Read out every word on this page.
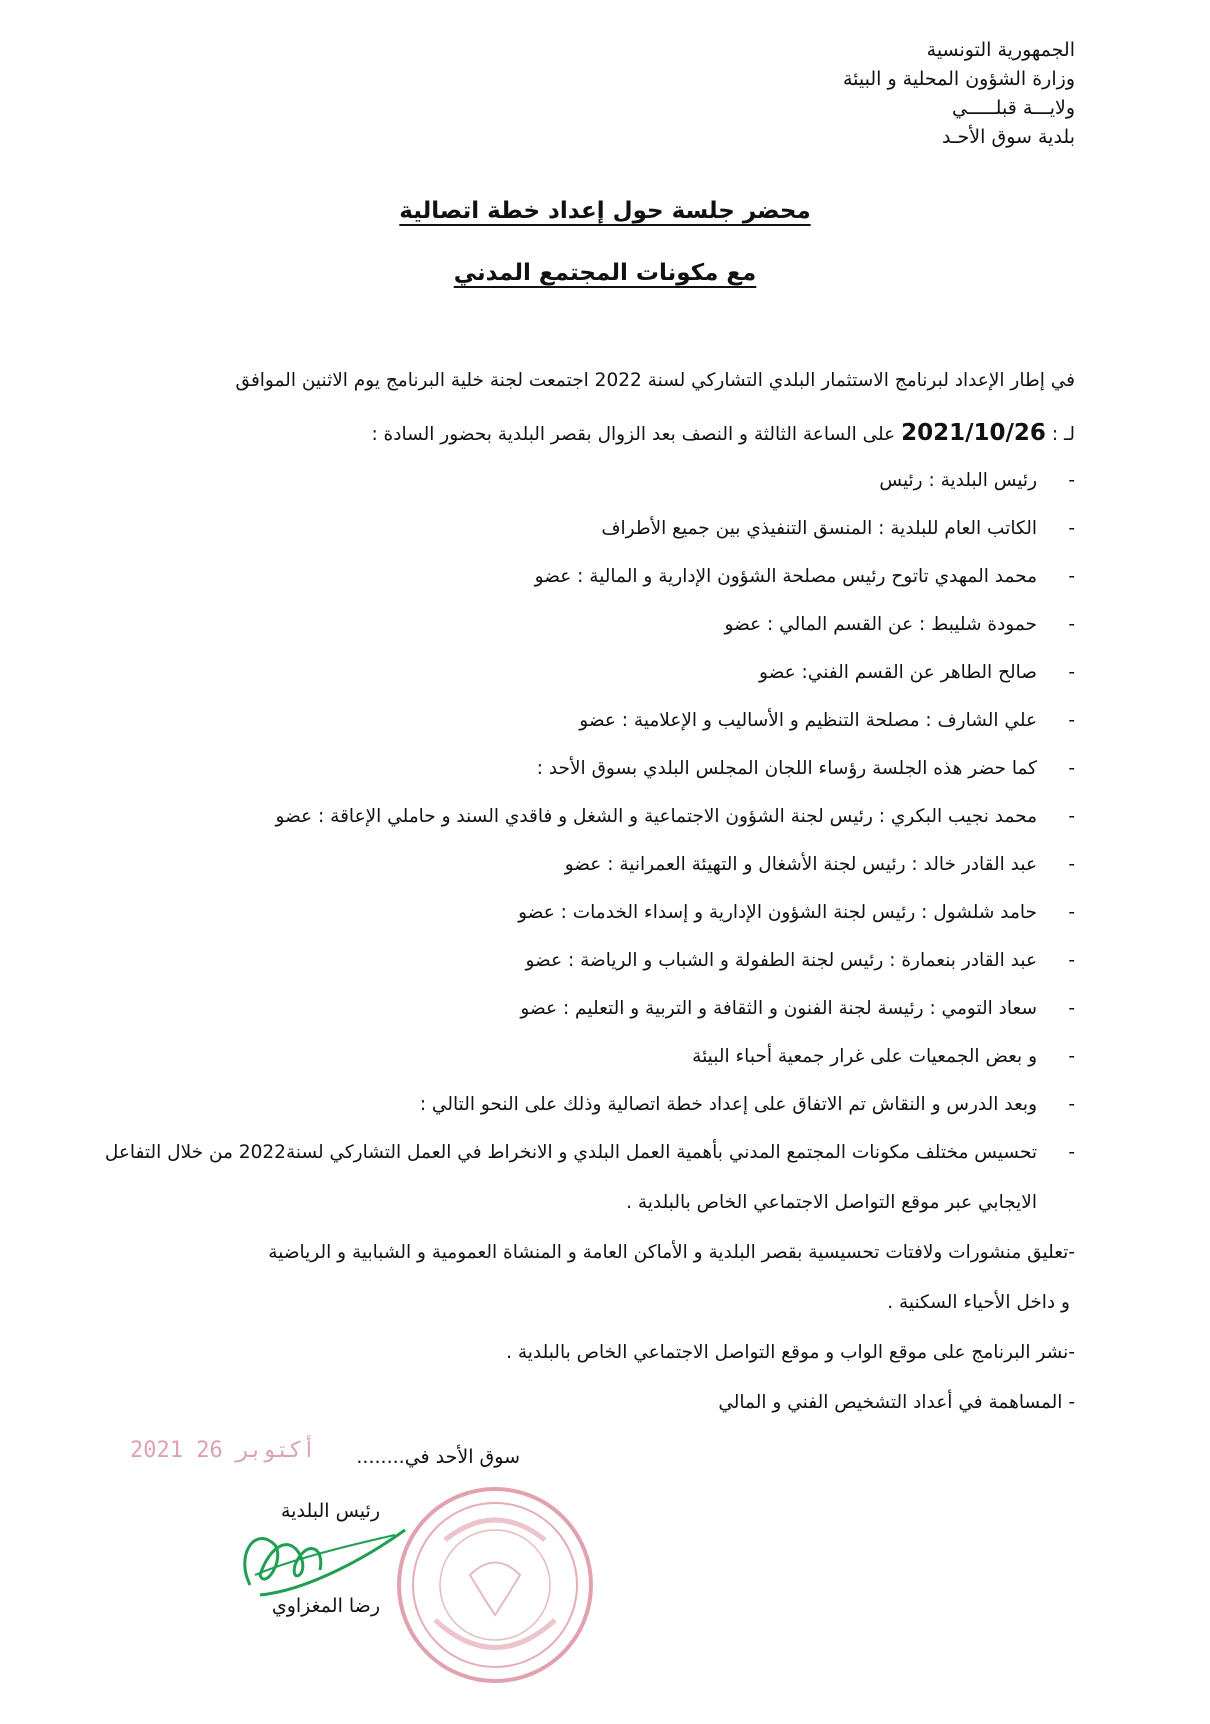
الجمهورية التونسية
وزارة الشؤون المحلية و البيئة
ولايـــة قبلـــــي
بلدية سوق الأحـد
محضر جلسة حول إعداد خطة اتصالية
مع مكونات المجتمع المدني
في إطار الإعداد لبرنامج الاستثمار البلدي التشاركي لسنة 2022 اجتمعت لجنة خلية البرنامج يوم الاثنين الموافق
لـ : 2021/10/26 على الساعة الثالثة و النصف بعد الزوال بقصر البلدية بحضور السادة :
-رئيس البلدية : رئيس
-الكاتب العام للبلدية : المنسق التنفيذي بين جميع الأطراف
-محمد المهدي تاتوح رئيس مصلحة الشؤون الإدارية و المالية : عضو
-حمودة شليبط : عن القسم المالي : عضو
-صالح الطاهر عن القسم الفني: عضو
-علي الشارف : مصلحة التنظيم و الأساليب و الإعلامية : عضو
-كما حضر هذه الجلسة رؤساء اللجان المجلس البلدي بسوق الأحد :
-محمد نجيب البكري : رئيس لجنة الشؤون الاجتماعية و الشغل و فاقدي السند و حاملي الإعاقة : عضو
-عبد القادر خالد : رئيس لجنة الأشغال و التهيئة العمرانية : عضو
-حامد شلشول : رئيس لجنة الشؤون الإدارية و إسداء الخدمات : عضو
-عبد القادر بنعمارة : رئيس لجنة الطفولة و الشباب و الرياضة : عضو
-سعاد التومي : رئيسة لجنة الفنون و الثقافة و التربية و التعليم : عضو
-و بعض الجمعيات على غرار جمعية أحباء البيئة
-وبعد الدرس و النقاش تم الاتفاق على إعداد خطة اتصالية وذلك على النحو التالي :
-تحسيس مختلف مكونات المجتمع المدني بأهمية العمل البلدي و الانخراط في العمل التشاركي لسنة2022 من خلال التفاعل
الايجابي عبر موقع التواصل الاجتماعي الخاص بالبلدية .
-تعليق منشورات ولافتات تحسيسية بقصر البلدية و الأماكن العامة و المنشاة العمومية و الشبابية و الرياضية
و داخل الأحياء السكنية .
-نشر البرنامج على موقع الواب و موقع التواصل الاجتماعي الخاص بالبلدية .
- المساهمة في أعداد التشخيص الفني و المالي
2021 أكتوبر 26	سوق الأحد في........
رئيس البلدية
رضا المغزاوي
